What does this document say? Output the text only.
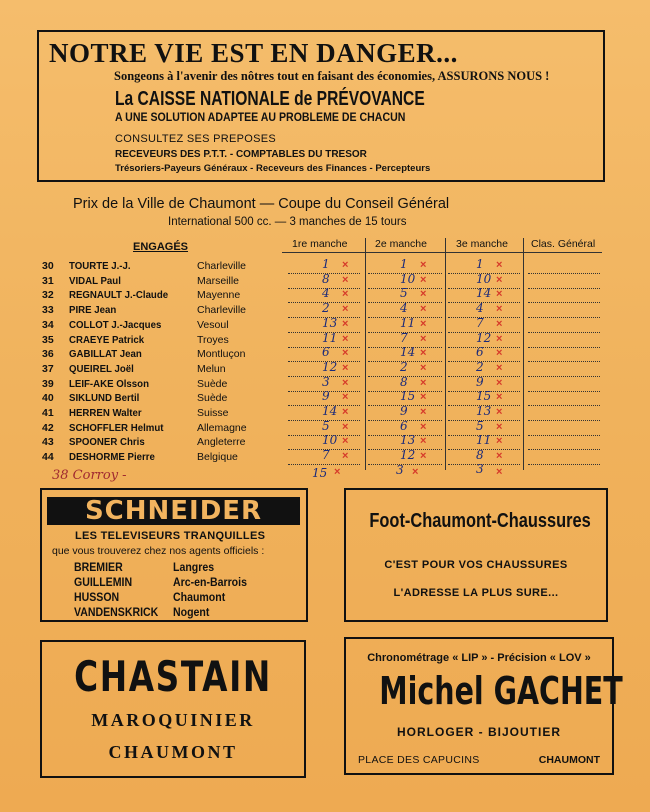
NOTRE VIE EST EN DANGER...
Songeons à l'avenir des nôtres tout en faisant des économies, ASSURONS NOUS !
La CAISSE NATIONALE de PRÉVOVANCE
A UNE SOLUTION ADAPTEE AU PROBLEME DE CHACUN
CONSULTEZ SES PREPOSES
RECEVEURS DES P.T.T. - COMPTABLES DU TRESOR
Trésoriers-Payeurs Généraux - Receveurs des Finances - Percepteurs
Prix de la Ville de Chaumont — Coupe du Conseil Général
International 500 cc. — 3 manches de 15 tours
ENGAGÉS	1re manche	2e manche	3e manche Clas. Général
30	TOURTE J.-J.	Charleville	1 ×	1 ×	1 ×
31	VIDAL Paul	Marseille	8 ×	10 ×	10 ×
32	REGNAULT J.-Claude	Mayenne	4 ×	5 ×	14 ×
33	PIRE Jean	Charleville	2 ×	4 ×	4 ×
34	COLLOT J.-Jacques	Vesoul	13 ×	11 ×	7 ×
35	CRAEYE Patrick	Troyes	11 ×	7 ×	12 ×
36	GABILLAT Jean	Montluçon	6 ×	14 ×	6 ×
37	QUEIREL Joël	Melun	12 ×	2 ×	2 ×
39	LEIF-AKE Olsson	Suède	3 ×	8 ×	9 ×
40	SIKLUND Bertil	Suède	9 ×	15 ×	15 ×
41	HERREN Walter	Suisse	14 ×	9 ×	13 ×
42	SCHOFFLER Helmut	Allemagne	5 ×	6 ×	5 ×
43	SPOONER Chris	Angleterre	10 ×	13 ×	11 ×
44	DESHORME Pierre	Belgique	7 ×	12 ×	8 ×
38 Corroy -	15 ×	3 ×	3 ×
SCHNEIDER
LES TELEVISEURS TRANQUILLES
que vous trouverez chez nos agents officiels :
BREMIER	Langres
GUILLEMIN	Arc-en-Barrois
HUSSON	Chaumont
VANDENSKRICK Nogent
Foot-Chaumont-Chaussures
C'EST POUR VOS CHAUSSURES
L'ADRESSE LA PLUS SURE...
CHASTAIN
MAROQUINIER
CHAUMONT
Chronométrage « LIP » - Précision « LOV »
Michel GACHET
HORLOGER - BIJOUTIER
PLACE DES CAPUCINS	CHAUMONT
